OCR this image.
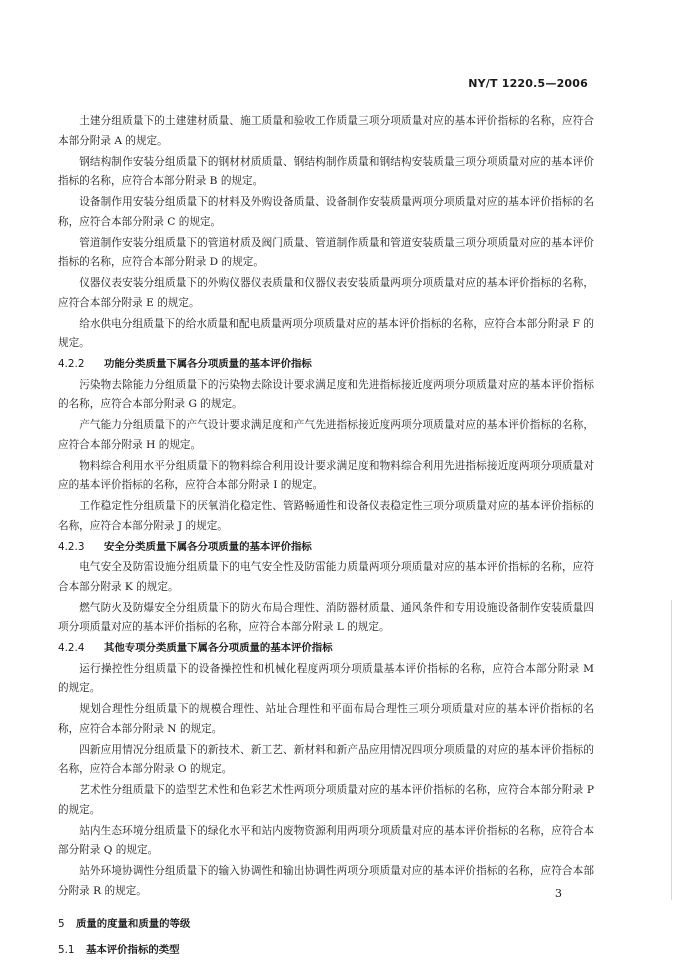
NY/T 1220.5—2006

土建分组质量下的土建建材质量、施工质量和验收工作质量三项分项质量对应的基本评价指标的名称，应符合本部分附录 A 的规定。

钢结构制作安装分组质量下的钢材材质质量、钢结构制作质量和钢结构安装质量三项分项质量对应的基本评价指标的名称，应符合本部分附录 B 的规定。

设备制作用安装分组质量下的材料及外购设备质量、设备制作安装质量两项分项质量对应的基本评价指标的名称，应符合本部分附录 C 的规定。

管道制作安装分组质量下的管道材质及阀门质量、管道制作质量和管道安装质量三项分项质量对应的基本评价指标的名称，应符合本部分附录 D 的规定。

仪器仪表安装分组质量下的外购仪器仪表质量和仪器仪表安装质量两项分项质量对应的基本评价指标的名称，应符合本部分附录 E 的规定。

给水供电分组质量下的给水质量和配电质量两项分项质量对应的基本评价指标的名称，应符合本部分附录 F 的规定。

4.2.2 功能分类质量下属各分项质量的基本评价指标

污染物去除能力分组质量下的污染物去除设计要求满足度和先进指标接近度两项分项质量对应的基本评价指标的名称，应符合本部分附录 G 的规定。

产气能力分组质量下的产气设计要求满足度和产气先进指标接近度两项分项质量对应的基本评价指标的名称，应符合本部分附录 H 的规定。

物料综合利用水平分组质量下的物料综合利用设计要求满足度和物料综合利用先进指标接近度两项分项质量对应的基本评价指标的名称，应符合本部分附录 I 的规定。

工作稳定性分组质量下的厌氧消化稳定性、管路畅通性和设备仪表稳定性三项分项质量对应的基本评价指标的名称，应符合本部分附录 J 的规定。

4.2.3 安全分类质量下属各分项质量的基本评价指标

电气安全及防雷设施分组质量下的电气安全性及防雷能力质量两项分项质量对应的基本评价指标的名称，应符合本部分附录 K 的规定。

燃气防火及防爆安全分组质量下的防火布局合理性、消防器材质量、通风条件和专用设施设备制作安装质量四项分项质量对应的基本评价指标的名称，应符合本部分附录 L 的规定。

4.2.4 其他专项分类质量下属各分项质量的基本评价指标

运行操控性分组质量下的设备操控性和机械化程度两项分项质量基本评价指标的名称，应符合本部分附录 M 的规定。

规划合理性分组质量下的规模合理性、站址合理性和平面布局合理性三项分项质量对应的基本评价指标的名称，应符合本部分附录 N 的规定。

四新应用情况分组质量下的新技术、新工艺、新材料和新产品应用情况四项分项质量的对应的基本评价指标的名称，应符合本部分附录 O 的规定。

艺术性分组质量下的造型艺术性和色彩艺术性两项分项质量对应的基本评价指标的名称，应符合本部分附录 P 的规定。

站内生态环境分组质量下的绿化水平和站内废物资源利用两项分项质量对应的基本评价指标的名称，应符合本部分附录 Q 的规定。

站外环境协调性分组质量下的输入协调性和输出协调性两项分项质量对应的基本评价指标的名称，应符合本部分附录 R 的规定。

5 质量的度量和质量的等级
5.1 基本评价指标的类型
3
